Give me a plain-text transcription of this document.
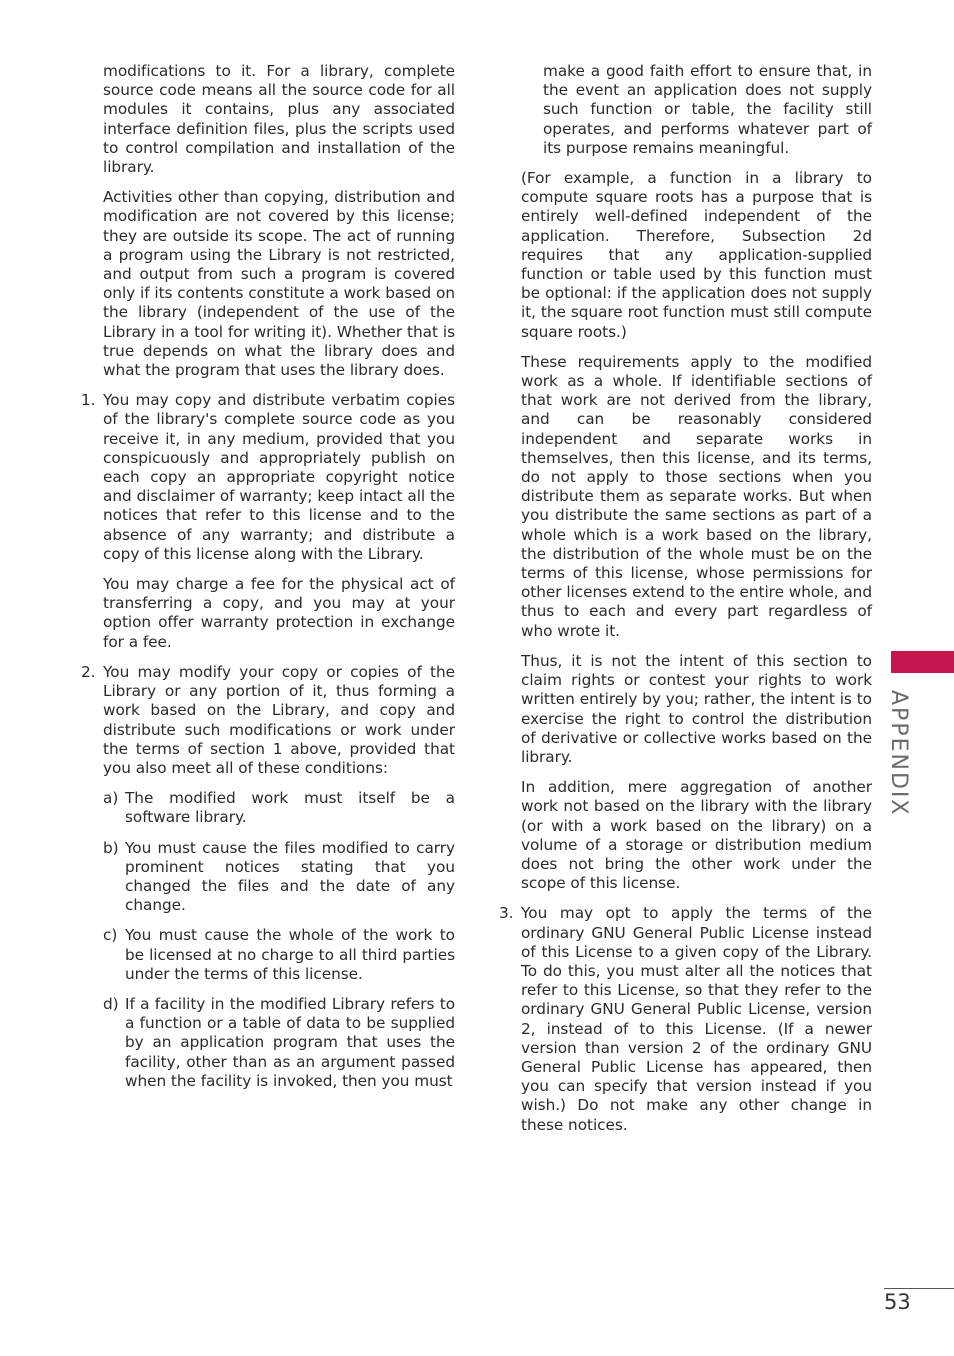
modifications to it. For a library, complete source code means all the source code for all modules it contains, plus any associated interface definition files, plus the scripts used to control compilation and installation of the library.

Activities other than copying, distribution and modification are not covered by this license; they are outside its scope. The act of running a program using the Library is not restricted, and output from such a program is covered only if its contents constitute a work based on the library (independent of the use of the Library in a tool for writing it). Whether that is true depends on what the library does and what the program that uses the library does.

1. You may copy and distribute verbatim copies of the library's complete source code as you receive it, in any medium, provided that you conspicuously and appropriately publish on each copy an appropriate copyright notice and disclaimer of warranty; keep intact all the notices that refer to this license and to the absence of any warranty; and distribute a copy of this license along with the Library.

You may charge a fee for the physical act of transferring a copy, and you may at your option offer warranty protection in exchange for a fee.

2. You may modify your copy or copies of the Library or any portion of it, thus forming a work based on the Library, and copy and distribute such modifications or work under the terms of section 1 above, provided that you also meet all of these conditions:
a) The modified work must itself be a software library.
b) You must cause the files modified to carry prominent notices stating that you changed the files and the date of any change.
c) You must cause the whole of the work to be licensed at no charge to all third parties under the terms of this license.
d) If a facility in the modified Library refers to a function or a table of data to be supplied by an application program that uses the facility, other than as an argument passed when the facility is invoked, then you must

make a good faith effort to ensure that, in the event an application does not supply such function or table, the facility still operates, and performs whatever part of its purpose remains meaningful.

(For example, a function in a library to compute square roots has a purpose that is entirely well-defined independent of the application. Therefore, Subsection 2d requires that any application-supplied function or table used by this function must be optional: if the application does not supply it, the square root function must still compute square roots.)

These requirements apply to the modified work as a whole. If identifiable sections of that work are not derived from the library, and can be reasonably considered independent and separate works in themselves, then this license, and its terms, do not apply to those sections when you distribute them as separate works. But when you distribute the same sections as part of a whole which is a work based on the library, the distribution of the whole must be on the terms of this license, whose permissions for other licenses extend to the entire whole, and thus to each and every part regardless of who wrote it.

Thus, it is not the intent of this section to claim rights or contest your rights to work written entirely by you; rather, the intent is to exercise the right to control the distribution of derivative or collective works based on the library.

In addition, mere aggregation of another work not based on the library with the library (or with a work based on the library) on a volume of a storage or distribution medium does not bring the other work under the scope of this license.

3. You may opt to apply the terms of the ordinary GNU General Public License instead of this License to a given copy of the Library. To do this, you must alter all the notices that refer to this License, so that they refer to the ordinary GNU General Public License, version 2, instead of to this License. (If a newer version than version 2 of the ordinary GNU General Public License has appeared, then you can specify that version instead if you wish.) Do not make any other change in these notices.
APPENDIX
53
